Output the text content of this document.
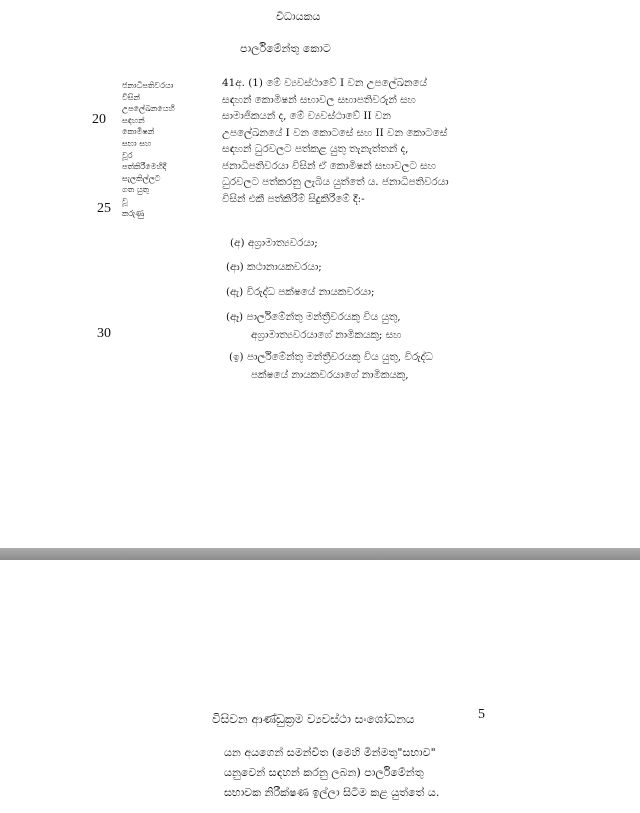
විධායකය
පාර්ලිමේන්තු කොට
ජනාධිපතිවරයා
විසින්
උපලේඛනයෙහි
සඳහන්
කොමිෂන්
සභා සහ
වූර
පත්කිරීමෙහිදී
සැලකිල්ලට
ගත යුතු
වූ
කරුණු
20
25
30
41අ. (1) මේ ව්‍යවස්ථාවේ I වන උපලේඛනයේ
සඳහන් කොමිෂන් සභාවල සභාපතිවරුන් සහ
සාමාජිකයන් ද, මේ ව්‍යවස්ථාවේ II වන
උපලේඛනයේ I වන කොටසේ සහ II වන කොටසේ
සඳහන් ධුරවලට පත්කළ යුතු තැනැත්තන් ද,
ජනාධිපතිවරයා විසින් ඒ කොමිෂන් සභාවලට සහ
ධුරවලට පත්කරනු ලැබිය යුත්තේ ය. ජනාධිපතිවරයා
විසින් එකී පත්කිරීම් සිදුකිරීමේ දී:-
(අ) අග්‍රාමාත්‍යවරයා;
(ආ) කථානායකවරයා;
(ඇ) විරුද්ධ පක්ෂයේ නායකවරයා;
(ඈ) පාර්ලිමේන්තු මන්ත්‍රීවරයකු විය යුතු,
අග්‍රාමාත්‍යවරයාගේ නාමිකයකු; සහ
(ඉ) පාර්ලිමේන්තු මන්ත්‍රීවරයකු විය යුතු, විරුද්ධ
පක්ෂයේ නායකවරයාගේ නාමිකයකු,
විසිවන ආණ්ඩුක්‍රම ව්‍යවස්ථා සංශෝධනය	5
යන අයගෙන් සමන්විත (මෙහි මින්මතු"සභාව"
යනුවෙන් සඳහන් කරනු ලබන) පාර්ලිමේන්තු
සභාවක නිරීක්ෂණ ඉල්ලා සිටිම කළ යුත්තේ ය.
